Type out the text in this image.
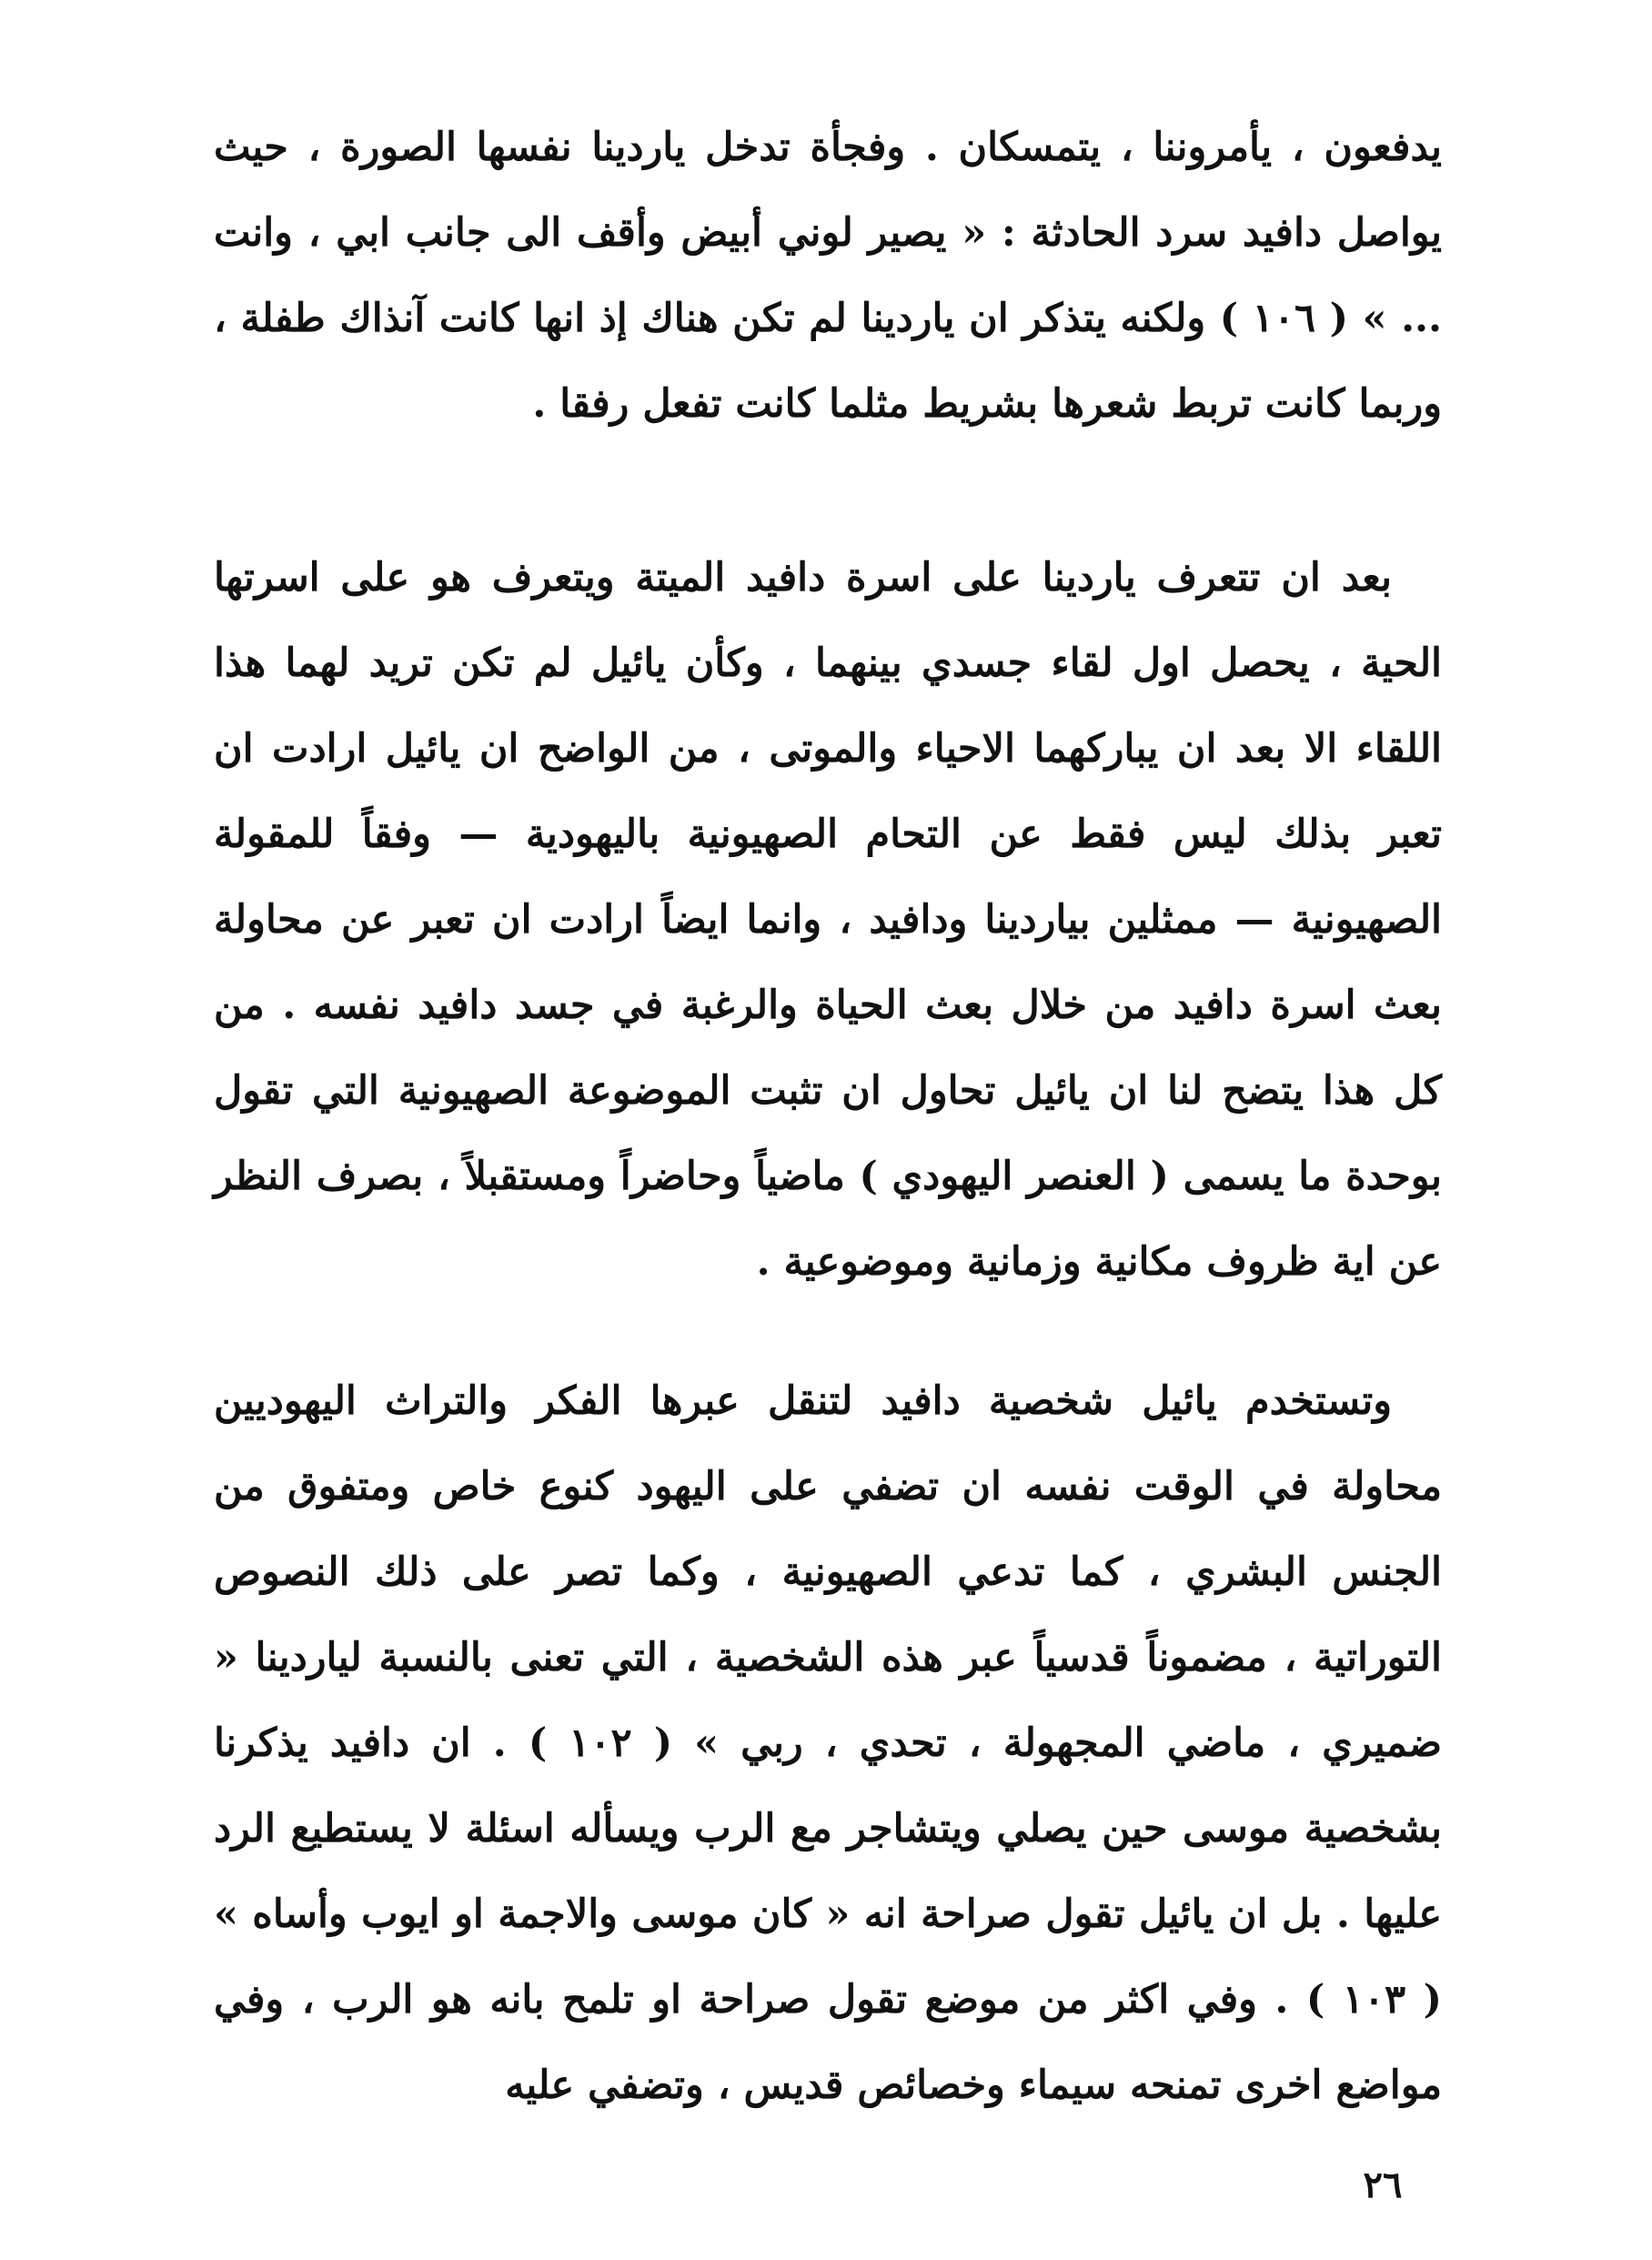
يدفعون ، يأمروننا ، يتمسكان . وفجأة تدخل ياردينا نفسها الصورة ، حيث يواصل دافيد سرد الحادثة : « يصير لوني أبيض وأقف الى جانب ابي ، وانت ... » ( ١٠٦ ) ولكنه يتذكر ان ياردينا لم تكن هناك إذ انها كانت آنذاك طفلة ، وربما كانت تربط شعرها بشريط مثلما كانت تفعل رفقا .

بعد ان تتعرف ياردينا على اسرة دافيد الميتة ويتعرف هو على اسرتها الحية ، يحصل اول لقاء جسدي بينهما ، وكأن يائيل لم تكن تريد لهما هذا اللقاء الا بعد ان يباركهما الاحياء والموتى ، من الواضح ان يائيل ارادت ان تعبر بذلك ليس فقط عن التحام الصهيونية باليهودية — وفقاً للمقولة الصهيونية — ممثلين بياردينا ودافيد ، وانما ايضاً ارادت ان تعبر عن محاولة بعث اسرة دافيد من خلال بعث الحياة والرغبة في جسد دافيد نفسه . من كل هذا يتضح لنا ان يائيل تحاول ان تثبت الموضوعة الصهيونية التي تقول بوحدة ما يسمى ( العنصر اليهودي ) ماضياً وحاضراً ومستقبلاً ، بصرف النظر عن اية ظروف مكانية وزمانية وموضوعية .

وتستخدم يائيل شخصية دافيد لتنقل عبرها الفكر والتراث اليهوديين محاولة في الوقت نفسه ان تضفي على اليهود كنوع خاص ومتفوق من الجنس البشري ، كما تدعي الصهيونية ، وكما تصر على ذلك النصوص التوراتية ، مضموناً قدسياً عبر هذه الشخصية ، التي تعنى بالنسبة لياردينا « ضميري ، ماضي المجهولة ، تحدي ، ربي » ( ١٠٢ ) . ان دافيد يذكرنا بشخصية موسى حين يصلي ويتشاجر مع الرب ويسأله اسئلة لا يستطيع الرد عليها . بل ان يائيل تقول صراحة انه « كان موسى والاجمة او ايوب وأساه » ( ١٠٣ ) . وفي اكثر من موضع تقول صراحة او تلمح بانه هو الرب ، وفي مواضع اخرى تمنحه سيماء وخصائص قديس ، وتضفي عليه

٢٦
